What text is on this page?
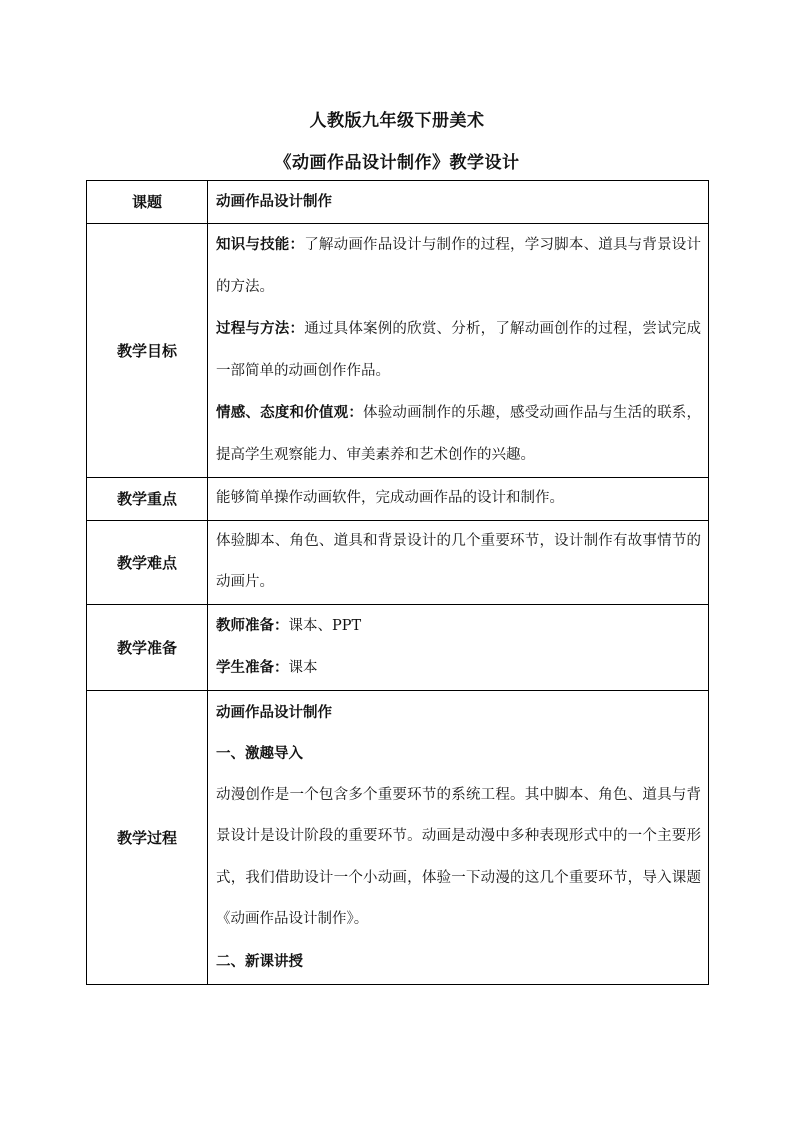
人教版九年级下册美术
《动画作品设计制作》教学设计
课题	动画作品设计制作
教学目标	知识与技能：了解动画作品设计与制作的过程，学习脚本、道具与背景设计的方法。
过程与方法：通过具体案例的欣赏、分析，了解动画创作的过程，尝试完成一部简单的动画创作作品。
情感、态度和价值观：体验动画制作的乐趣，感受动画作品与生活的联系，提高学生观察能力、审美素养和艺术创作的兴趣。

教学重点	能够简单操作动画软件，完成动画作品的设计和制作。
教学难点	体验脚本、角色、道具和背景设计的几个重要环节，设计制作有故事情节的动画片。

教学准备	教师准备：课本、PPT
学生准备：课本

教学过程	动画作品设计制作
一、激趣导入
动漫创作是一个包含多个重要环节的系统工程。其中脚本、角色、道具与背景设计是设计阶段的重要环节。动画是动漫中多种表现形式中的一个主要形式，我们借助设计一个小动画，体验一下动漫的这几个重要环节，导入课题《动画作品设计制作》。
二、新课讲授
